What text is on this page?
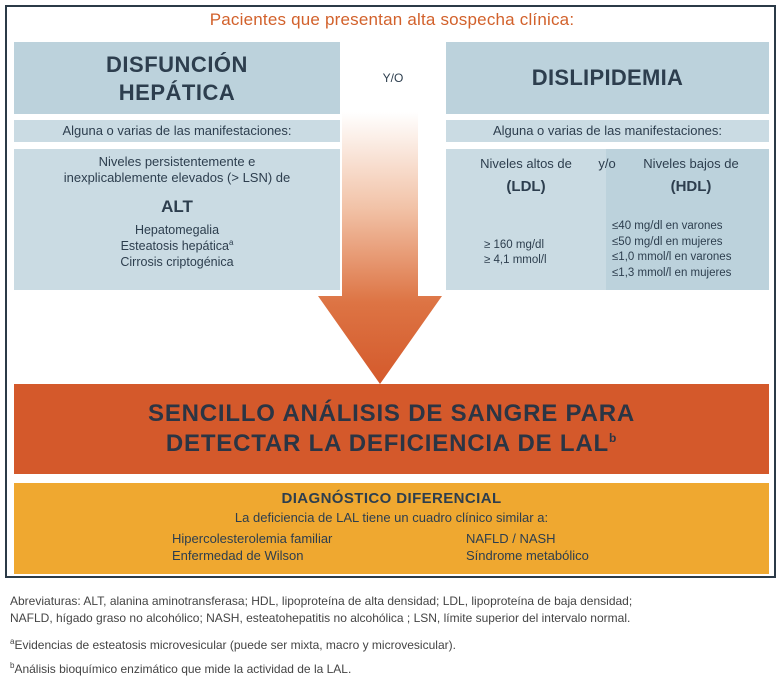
Pacientes que presentan alta sospecha clínica:
DISFUNCIÓN
HEPÁTICA
Y/O	DISLIPIDEMIA
Alguna o varias de las manifestaciones:	Alguna o varias de las manifestaciones:
Niveles persistentemente e
inexplicablemente elevados (> LSN) de
ALT
Hepatomegalia
Esteatosis hepática$^a$
Cirrosis criptogénica
Niveles altos de	y/o	Niveles bajos de
(LDL)	(HDL)
≥ 160 mg/dl
≥ 4,1 mmol/l
≤40 mg/dl en varones
≤50 mg/dl en mujeres
≤1,0 mmol/l en varones
≤1,3 mmol/l en mujeres
SENCILLO ANÁLISIS DE SANGRE PARA
DETECTAR LA DEFICIENCIA DE LAL$^b$
DIAGNÓSTICO DIFERENCIAL
La deficiencia de LAL tiene un cuadro clínico similar a:
Hipercolesterolemia familiar
Enfermedad de Wilson
NAFLD / NASH
Síndrome metabólico
Abreviaturas: ALT, alanina aminotransferasa; HDL, lipoproteína de alta densidad; LDL, lipoproteína de baja densidad;
NAFLD, hígado graso no alcohólico; NASH, esteatohepatitis no alcohólica ; LSN, límite superior del intervalo normal.
$^a$Evidencias de esteatosis microvesicular (puede ser mixta, macro y microvesicular).
$^b$Análisis bioquímico enzimático que mide la actividad de la LAL.
